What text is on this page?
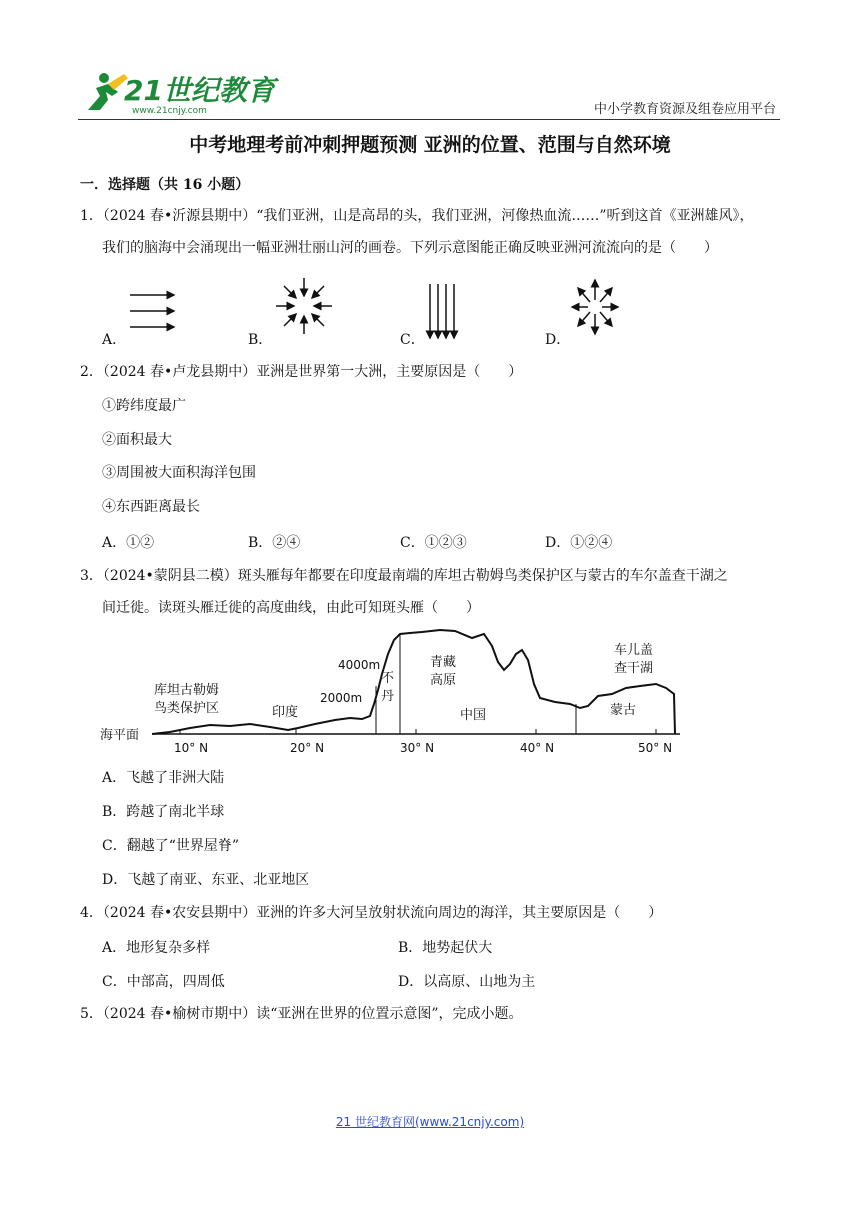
21世纪教育
www.21cnjy.com	中小学教育资源及组卷应用平台
中考地理考前冲刺押题预测 亚洲的位置、范围与自然环境
一．选择题（共 16 小题）
1．（2024 春•沂源县期中）“我们亚洲，山是高昂的头，我们亚洲，河像热血流……”听到这首《亚洲雄风》，
我们的脑海中会涌现出一幅亚洲壮丽山河的画卷。下列示意图能正确反映亚洲河流流向的是（　　）
A．	B．	C．	D．
2．（2024 春•卢龙县期中）亚洲是世界第一大洲，主要原因是（　　）
①跨纬度最广
②面积最大
③周围被大面积海洋包围
④东西距离最长
A．①②	B．②④	C．①②③	D．①②④
3．（2024•蒙阴县二模）斑头雁每年都要在印度最南端的库坦古勒姆鸟类保护区与蒙古的车尔盖查干湖之
间迁徙。读斑头雁迁徙的高度曲线，由此可知斑头雁（　　）
海平面
库坦古勒姆
鸟类保护区	印度
2000m
4000m
不
丹
青藏
高原
中国	蒙古
车儿盖
查干湖
10° N	20° N	30° N	40° N	50° N
A．飞越了非洲大陆
B．跨越了南北半球
C．翻越了“世界屋脊”
D．飞越了南亚、东亚、北亚地区
4．（2024 春•农安县期中）亚洲的许多大河呈放射状流向周边的海洋，其主要原因是（　　）
A．地形复杂多样	B．地势起伏大
C．中部高，四周低	D．以高原、山地为主
5．（2024 春•榆树市期中）读“亚洲在世界的位置示意图”，完成小题。
21 世纪教育网(www.21cnjy.com)
